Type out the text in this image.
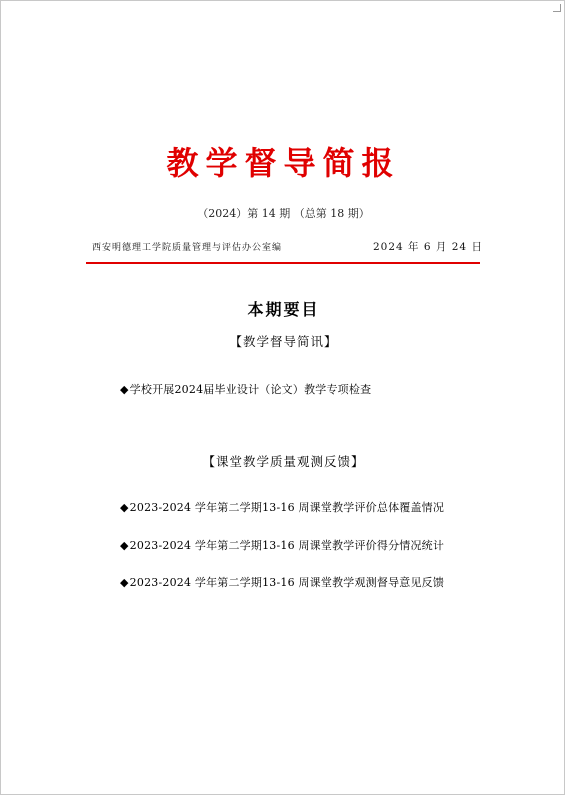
教学督导简报
（2024）第 14 期 （总第 18 期）
西安明德理工学院质量管理与评估办公室编	2024 年 6 月 24 日
本期要目
【教学督导简讯】
◆学校开展2024届毕业设计（论文）教学专项检查
【课堂教学质量观测反馈】
◆2023-2024 学年第二学期13-16 周课堂教学评价总体覆盖情况
◆2023-2024 学年第二学期13-16 周课堂教学评价得分情况统计
◆2023-2024 学年第二学期13-16 周课堂教学观测督导意见反馈
